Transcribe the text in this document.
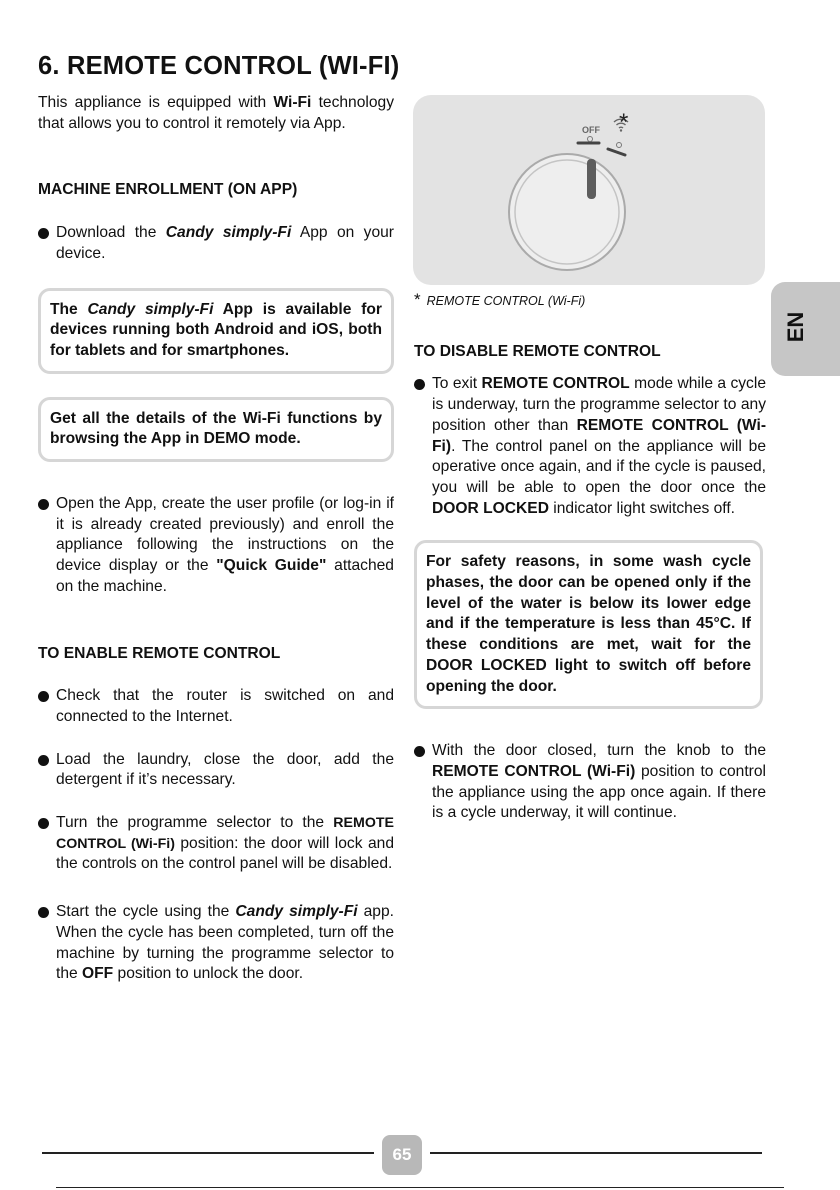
6. REMOTE CONTROL (WI-FI)

This appliance is equipped with Wi-Fi technology that allows you to control it remotely via App.

MACHINE ENROLLMENT (ON APP)

Download the Candy simply-Fi App on your device.

The Candy simply-Fi App is available for devices running both Android and iOS, both for tablets and for smartphones.
Get all the details of the Wi-Fi functions by browsing the App in DEMO mode.

Open the App, create the user profile (or log-in if it is already created previously) and enroll the appliance following the instructions on the device display or the "Quick Guide" attached on the machine.

TO ENABLE REMOTE CONTROL

Check that the router is switched on and connected to the Internet.

Load the laundry, close the door, add the detergent if it’s necessary.

Turn the programme selector to the REMOTE CONTROL (Wi-Fi) position: the door will lock and the controls on the control panel will be disabled.

Start the cycle using the Candy simply-Fi app. When the cycle has been completed, turn off the machine by turning the programme selector to the OFF position to unlock the door.

OFF *

* REMOTE CONTROL (Wi-Fi)

TO DISABLE REMOTE CONTROL

To exit REMOTE CONTROL mode while a cycle is underway, turn the programme selector to any position other than REMOTE CONTROL (Wi-Fi). The control panel on the appliance will be operative once again, and if the cycle is paused, you will be able to open the door once the DOOR LOCKED indicator light switches off.

For safety reasons, in some wash cycle phases, the door can be opened only if the level of the water is below its lower edge and if the temperature is less than 45°C. If these conditions are met, wait for the DOOR LOCKED light to switch off before opening the door.

With the door closed, turn the knob to the REMOTE CONTROL (Wi-Fi) position to control the appliance using the app once again. If there is a cycle underway, it will continue.

EN
65
